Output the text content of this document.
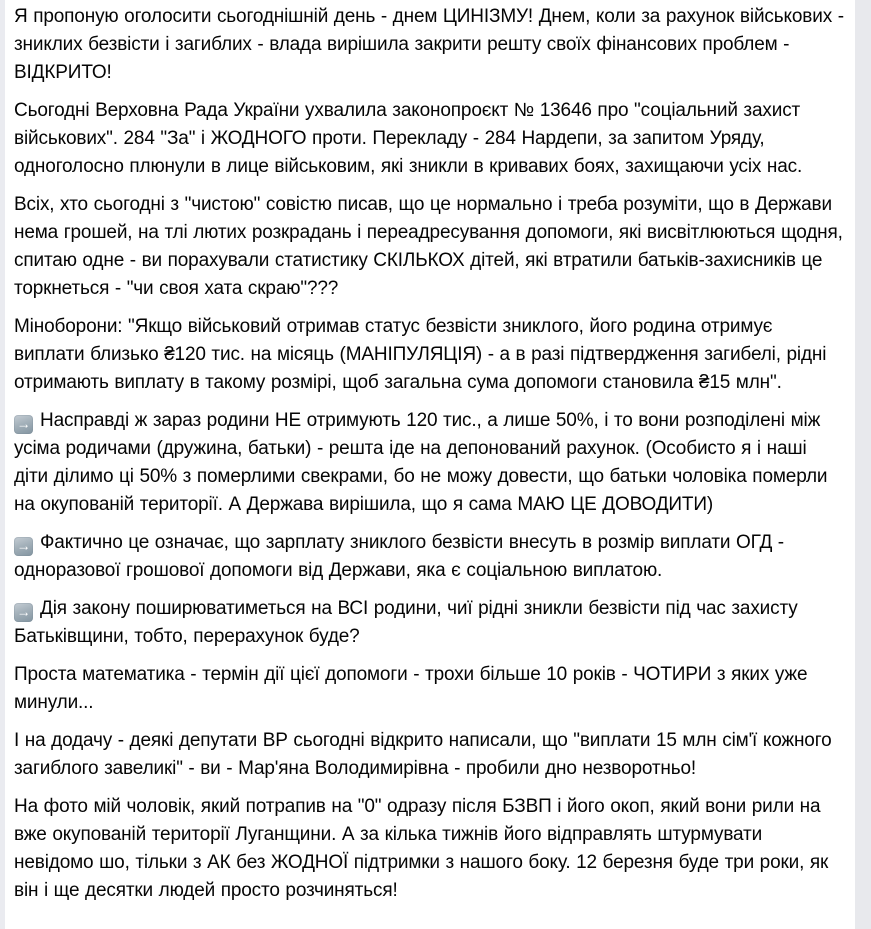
Я пропоную оголосити сьогоднішній день - днем ЦИНІЗМУ! Днем, коли за рахунок військових - зниклих безвісти і загиблих - влада вирішила закрити решту своїх фінансових проблем - ВІДКРИТО!

Сьогодні Верховна Рада України ухвалила законопроєкт № 13646 про "соціальний захист військових". 284 "За" і ЖОДНОГО проти. Перекладу - 284 Нардепи, за запитом Уряду, одноголосно плюнули в лице військовим, які зникли в кривавих боях, захищаючи усіх нас.

Всіх, хто сьогодні з "чистою" совістю писав, що це нормально і треба розуміти, що в Держави нема грошей, на тлі лютих розкрадань і переадресування допомоги, які висвітлюються щодня, спитаю одне - ви порахували статистику СКІЛЬКОХ дітей, які втратили батьків-захисників це торкнеться - "чи своя хата скраю"???

Міноборони: "Якщо військовий отримав статус безвісти зниклого, його родина отримує виплати близько ₴120 тис. на місяць (МАНІПУЛЯЦІЯ) - а в разі підтвердження загибелі, рідні отримають виплату в такому розмірі, щоб загальна сума допомоги становила ₴15 млн".

→ Насправді ж зараз родини НЕ отримують 120 тис., а лише 50%, і то вони розподілені між усіма родичами (дружина, батьки) - решта іде на депонований рахунок. (Особисто я і наші діти ділимо ці 50% з померлими свекрами, бо не можу довести, що батьки чоловіка померли на окупованій території. А Держава вирішила, що я сама МАЮ ЦЕ ДОВОДИТИ)

→ Фактично це означає, що зарплату зниклого безвісти внесуть в розмір виплати ОГД - одноразової грошової допомоги від Держави, яка є соціальною виплатою.

→ Дія закону поширюватиметься на ВСІ родини, чиї рідні зникли безвісти під час захисту Батьківщини, тобто, перерахунок буде?

Проста математика - термін дії цієї допомоги - трохи більше 10 років - ЧОТИРИ з яких уже минули...

І на додачу - деякі депутати ВР сьогодні відкрито написали, що "виплати 15 млн сім'ї кожного загиблого завеликі" - ви - Мар'яна Володимирівна - пробили дно незворотньо!

На фото мій чоловік, який потрапив на "0" одразу після БЗВП і його окоп, який вони рили на вже окупованій території Луганщини. А за кілька тижнів його відправлять штурмувати невідомо шо, тільки з АК без ЖОДНОЇ підтримки з нашого боку. 12 березня буде три роки, як він і ще десятки людей просто розчиняться!
